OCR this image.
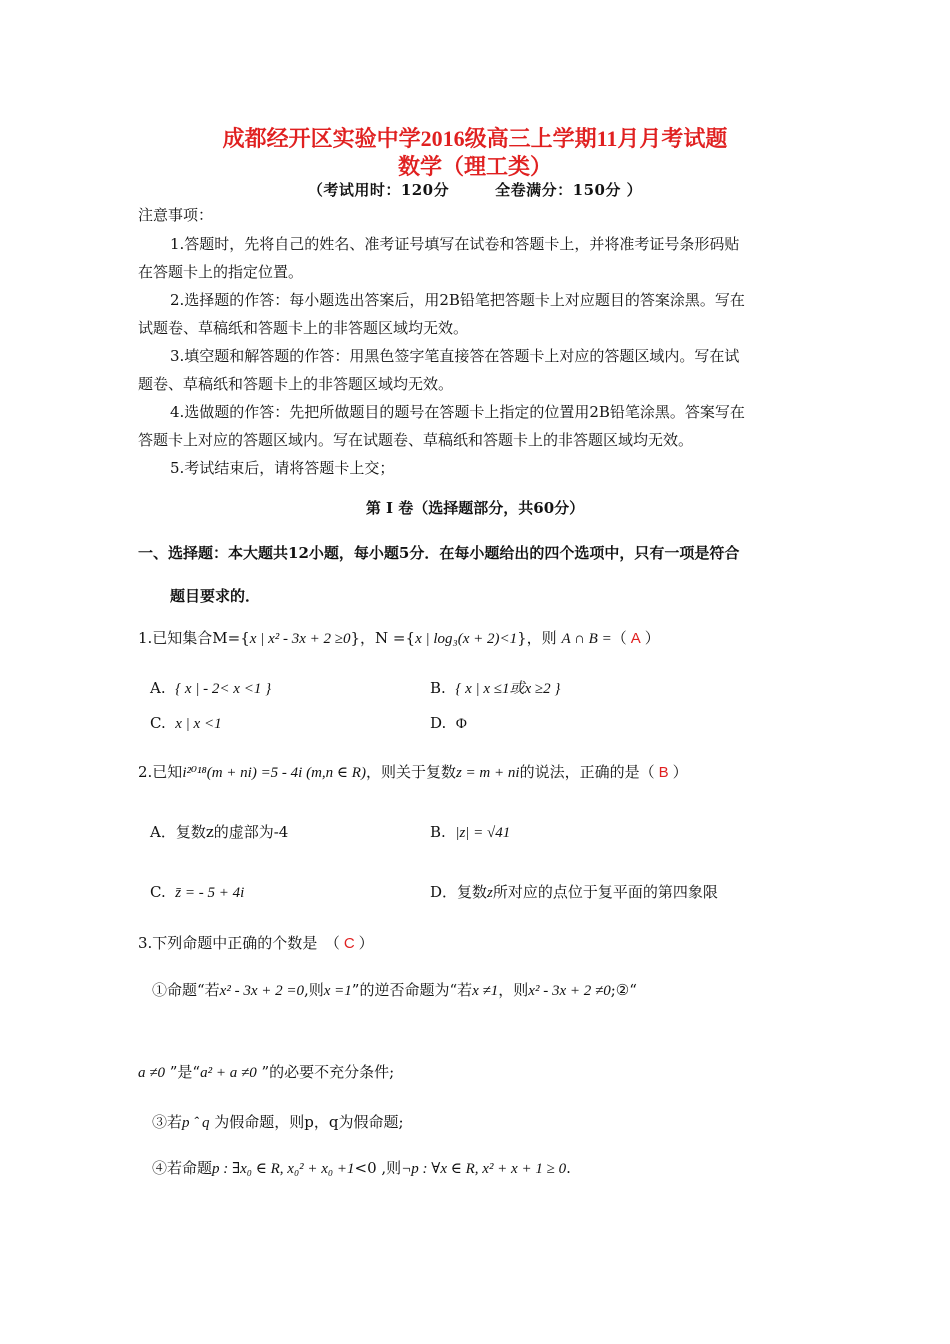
成都经开区实验中学2016级高三上学期11月月考试题
数学（理工类）
（考试用时：120分	全卷满分：150分 ）
注意事项：
1.答题时，先将自己的姓名、准考证号填写在试卷和答题卡上，并将准考证号条形码贴
在答题卡上的指定位置。
2.选择题的作答：每小题选出答案后，用2B铅笔把答题卡上对应题目的答案涂黑。写在
试题卷、草稿纸和答题卡上的非答题区域均无效。
3.填空题和解答题的作答：用黑色签字笔直接答在答题卡上对应的答题区域内。写在试
题卷、草稿纸和答题卡上的非答题区域均无效。
4.选做题的作答：先把所做题目的题号在答题卡上指定的位置用2B铅笔涂黑。答案写在
答题卡上对应的答题区域内。写在试题卷、草稿纸和答题卡上的非答题区域均无效。
5.考试结束后，请将答题卡上交；
第 I 卷（选择题部分，共60分）
一、选择题：本大题共12小题，每小题5分．在每小题给出的四个选项中，只有一项是符合
题目要求的．
1.已知集合M={x | x² - 3x + 2 ≥0}，N ={x | log₃(x + 2)<1}，则 A ∩ B =（ A ）
A. { x | - 2< x <1 }	B. { x | x ≤1或x ≥2 }
C. x | x <1	D. Φ
2.已知i²⁰¹⁸(m + ni) =5 - 4i (m,n ∈ R)，则关于复数z = m + ni的说法，正确的是（ B ）
A．复数z的虚部为-4	B. |z| = √41
C. z̄ = - 5 + 4i	D．复数z所对应的点位于复平面的第四象限
3.下列命题中正确的个数是　（ C ）
①命题“若x² - 3x + 2 =0,则x =1”的逆否命题为“若x ≠1，则x² - 3x + 2 ≠0;②“
a ≠0 ”是“a² + a ≠0 ”的必要不充分条件;
③若p ˆ q 为假命题，则p，q为假命题;
④若命题p : ∃x₀ ∈ R, x₀² + x₀ +1<0 ,则¬p : ∀x ∈ R, x² + x + 1 ≥ 0.
